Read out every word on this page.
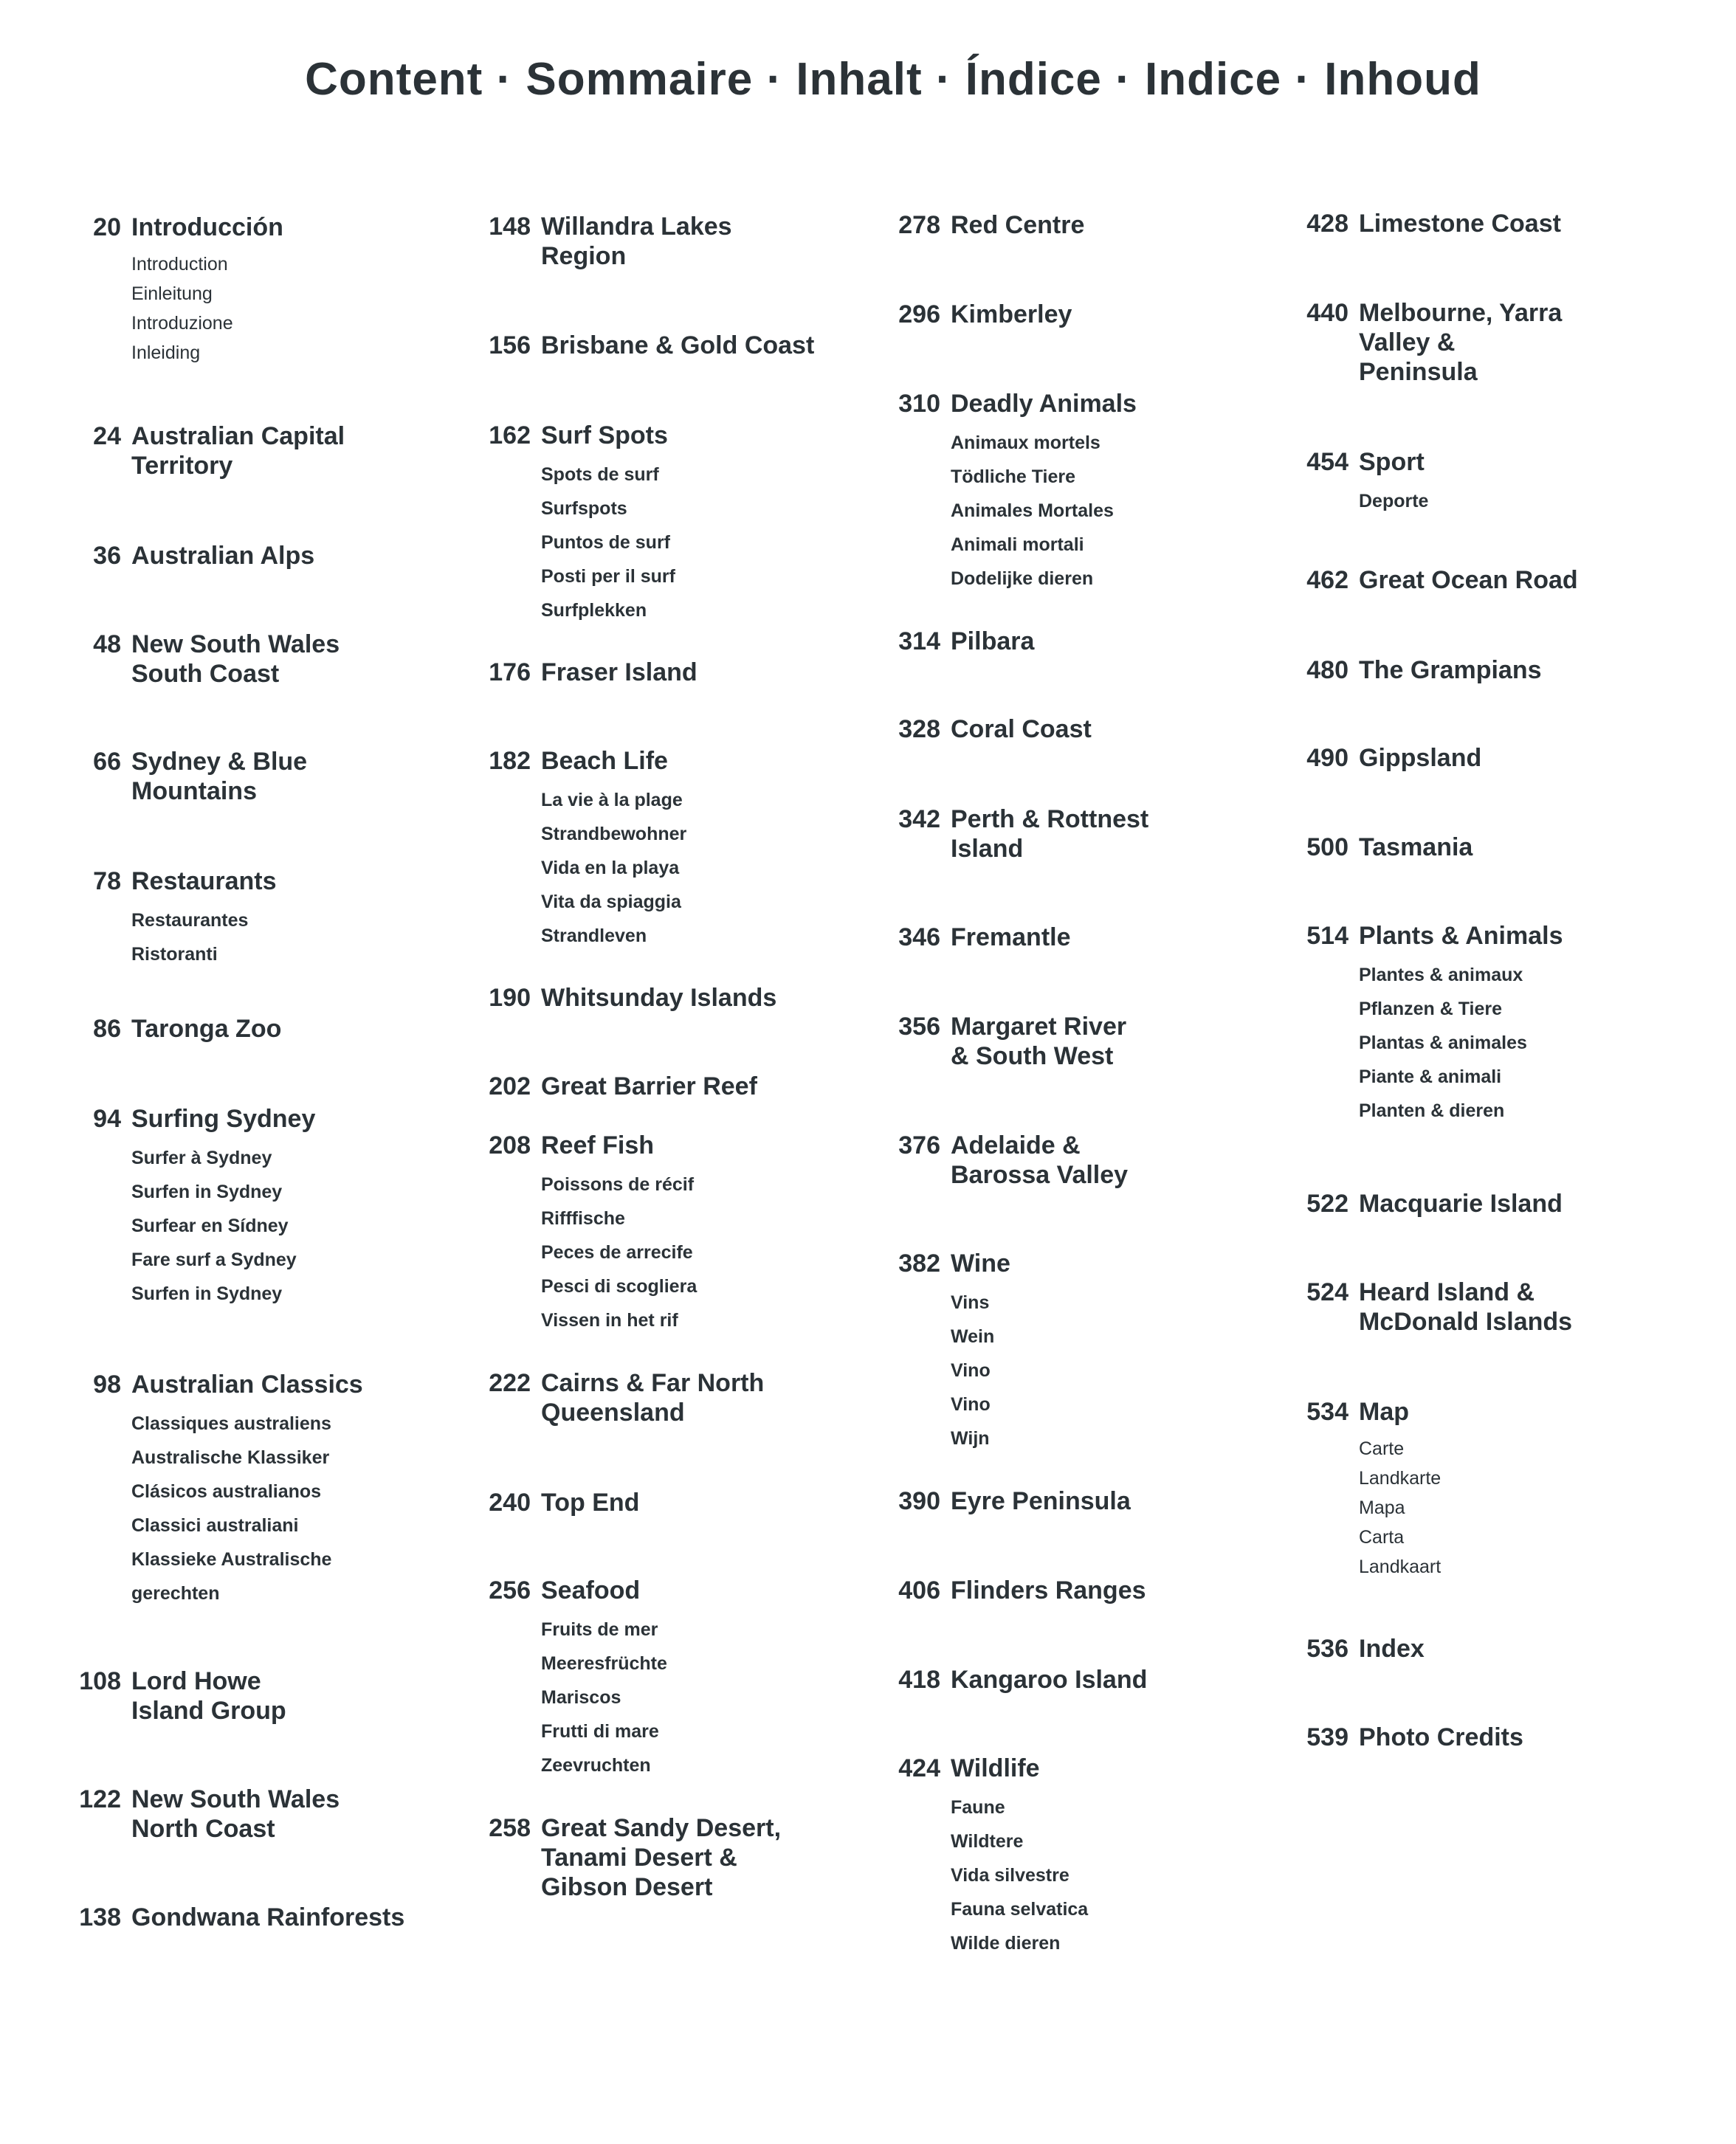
Content · Sommaire · Inhalt · Índice · Indice · Inhoud
20 Introducción
Introduction
Einleitung
Introduzione
Inleiding
24 Australian Capital
Territory
36 Australian Alps
48 New South Wales
South Coast
66 Sydney & Blue
Mountains
78 Restaurants
Restaurantes
Ristoranti
86 Taronga Zoo
94 Surfing Sydney
Surfer à Sydney
Surfen in Sydney
Surfear en Sídney
Fare surf a Sydney
Surfen in Sydney
98 Australian Classics
Classiques australiens
Australische Klassiker
Clásicos australianos
Classici australiani
Klassieke Australische
gerechten
108 Lord Howe
Island Group
122 New South Wales
North Coast
138 Gondwana Rainforests
148 Willandra Lakes
Region
156 Brisbane & Gold Coast
162 Surf Spots
Spots de surf
Surfspots
Puntos de surf
Posti per il surf
Surfplekken
176 Fraser Island
182 Beach Life
La vie à la plage
Strandbewohner
Vida en la playa
Vita da spiaggia
Strandleven
190 Whitsunday Islands
202 Great Barrier Reef
208 Reef Fish
Poissons de récif
Rifffische
Peces de arrecife
Pesci di scogliera
Vissen in het rif
222 Cairns & Far North
Queensland
240 Top End
256 Seafood
Fruits de mer
Meeresfrüchte
Mariscos
Frutti di mare
Zeevruchten
258 Great Sandy Desert,
Tanami Desert &
Gibson Desert
278 Red Centre
296 Kimberley
310 Deadly Animals
Animaux mortels
Tödliche Tiere
Animales Mortales
Animali mortali
Dodelijke dieren
314 Pilbara
328 Coral Coast
342 Perth & Rottnest
Island
346 Fremantle
356 Margaret River
& South West
376 Adelaide &
Barossa Valley
382 Wine
Vins
Wein
Vino
Vino
Wijn
390 Eyre Peninsula
406 Flinders Ranges
418 Kangaroo Island
424 Wildlife
Faune
Wildtere
Vida silvestre
Fauna selvatica
Wilde dieren
428 Limestone Coast
440 Melbourne, Yarra
Valley &
Peninsula
454 Sport
Deporte
462 Great Ocean Road
480 The Grampians
490 Gippsland
500 Tasmania
514 Plants & Animals
Plantes & animaux
Pflanzen & Tiere
Plantas & animales
Piante & animali
Planten & dieren
522 Macquarie Island
524 Heard Island &
McDonald Islands
534 Map
Carte
Landkarte
Mapa
Carta
Landkaart
536 Index
539 Photo Credits
